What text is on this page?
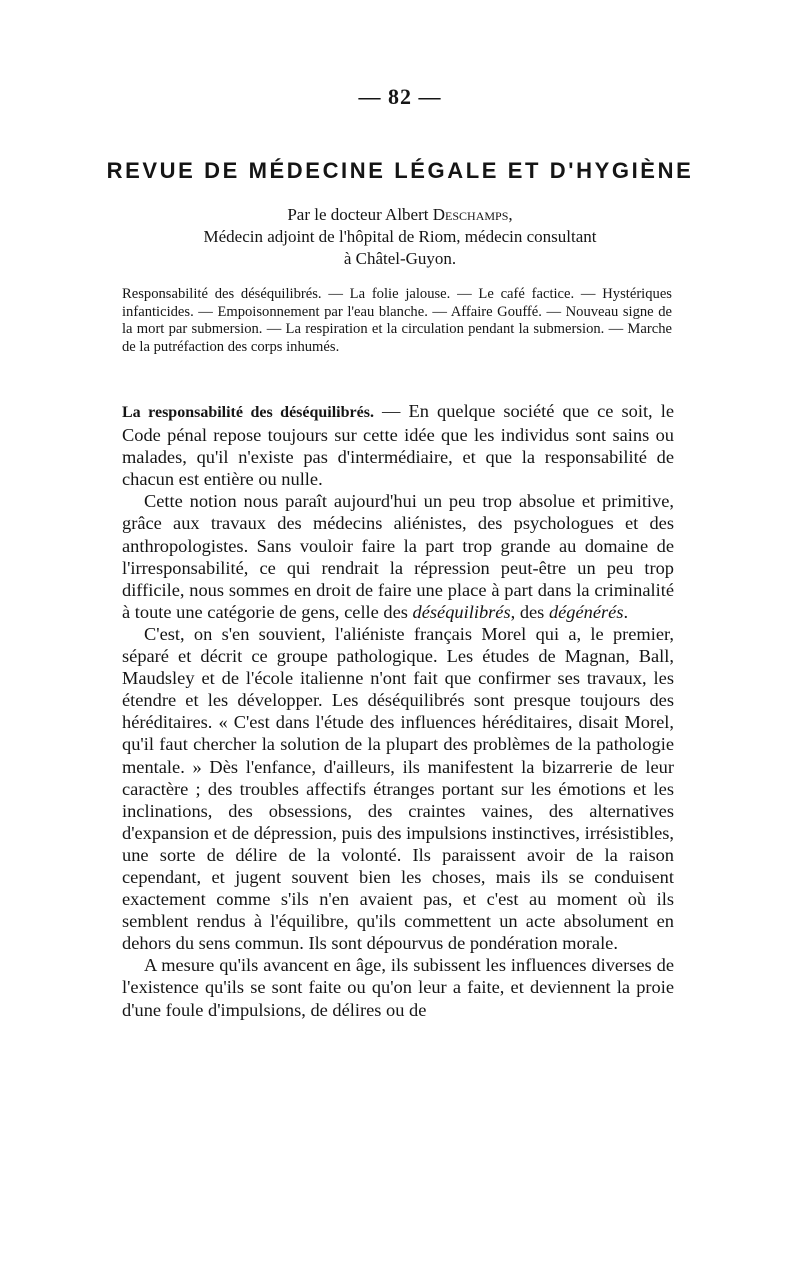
— 82 —
REVUE DE MÉDECINE LÉGALE ET D'HYGIÈNE
Par le docteur Albert Deschamps,
Médecin adjoint de l'hôpital de Riom, médecin consultant
à Châtel-Guyon.

Responsabilité des déséquilibrés. — La folie jalouse. — Le café factice. — Hystériques infanticides. — Empoisonnement par l'eau blanche. — Affaire Gouffé. — Nouveau signe de la mort par submersion. — La respiration et la circulation pendant la submersion. — Marche de la putréfaction des corps inhumés.

La responsabilité des déséquilibrés. — En quelque société que ce soit, le Code pénal repose toujours sur cette idée que les individus sont sains ou malades, qu'il n'existe pas d'intermédiaire, et que la responsabilité de chacun est entière ou nulle.

Cette notion nous paraît aujourd'hui un peu trop absolue et primitive, grâce aux travaux des médecins aliénistes, des psychologues et des anthropologistes. Sans vouloir faire la part trop grande au domaine de l'irresponsabilité, ce qui rendrait la répression peut-être un peu trop difficile, nous sommes en droit de faire une place à part dans la criminalité à toute une catégorie de gens, celle des déséquilibrés, des dégénérés.

C'est, on s'en souvient, l'aliéniste français Morel qui a, le premier, séparé et décrit ce groupe pathologique. Les études de Magnan, Ball, Maudsley et de l'école italienne n'ont fait que confirmer ses travaux, les étendre et les développer. Les déséquilibrés sont presque toujours des héréditaires. « C'est dans l'étude des influences héréditaires, disait Morel, qu'il faut chercher la solution de la plupart des problèmes de la pathologie mentale. » Dès l'enfance, d'ailleurs, ils manifestent la bizarrerie de leur caractère ; des troubles affectifs étranges portant sur les émotions et les inclinations, des obsessions, des craintes vaines, des alternatives d'expansion et de dépression, puis des impulsions instinctives, irrésistibles, une sorte de délire de la volonté. Ils paraissent avoir de la raison cependant, et jugent souvent bien les choses, mais ils se conduisent exactement comme s'ils n'en avaient pas, et c'est au moment où ils semblent rendus à l'équilibre, qu'ils commettent un acte absolument en dehors du sens commun. Ils sont dépourvus de pondération morale.

A mesure qu'ils avancent en âge, ils subissent les influences diverses de l'existence qu'ils se sont faite ou qu'on leur a faite, et deviennent la proie d'une foule d'impulsions, de délires ou de
